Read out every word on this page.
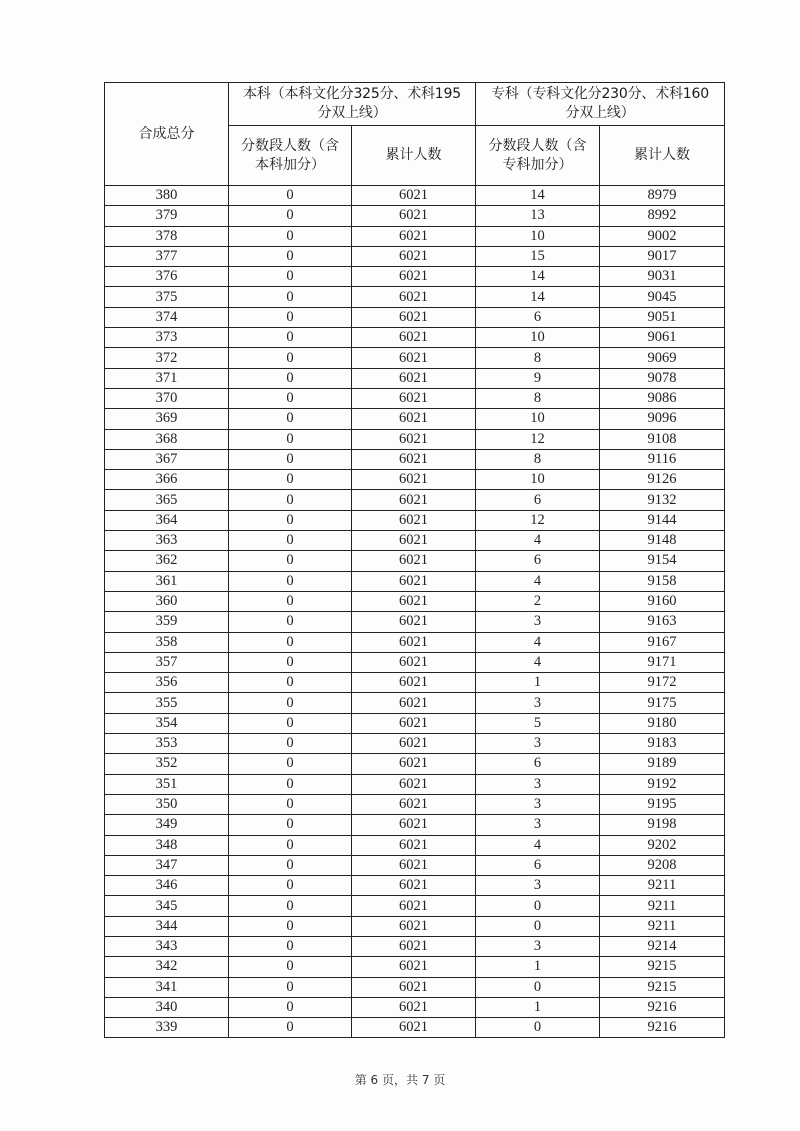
合成总分	本科（本科文化分325分、术科195
分双上线）		专科（专科文化分230分、术科160
分双上线）	

	分数段人数（含
本科加分）	累计人数	分数段人数（含
专科加分）	累计人数
380	0	6021	14	8979
379	0	6021	13	8992
378	0	6021	10	9002
377	0	6021	15	9017
376	0	6021	14	9031
375	0	6021	14	9045
374	0	6021	6	9051
373	0	6021	10	9061
372	0	6021	8	9069
371	0	6021	9	9078
370	0	6021	8	9086
369	0	6021	10	9096
368	0	6021	12	9108
367	0	6021	8	9116
366	0	6021	10	9126
365	0	6021	6	9132
364	0	6021	12	9144
363	0	6021	4	9148
362	0	6021	6	9154
361	0	6021	4	9158
360	0	6021	2	9160
359	0	6021	3	9163
358	0	6021	4	9167
357	0	6021	4	9171
356	0	6021	1	9172
355	0	6021	3	9175
354	0	6021	5	9180
353	0	6021	3	9183
352	0	6021	6	9189
351	0	6021	3	9192
350	0	6021	3	9195
349	0	6021	3	9198
348	0	6021	4	9202
347	0	6021	6	9208
346	0	6021	3	9211
345	0	6021	0	9211
344	0	6021	0	9211
343	0	6021	3	9214
342	0	6021	1	9215
341	0	6021	0	9215
340	0	6021	1	9216
339	0	6021	0	9216
第 6 页，共 7 页
